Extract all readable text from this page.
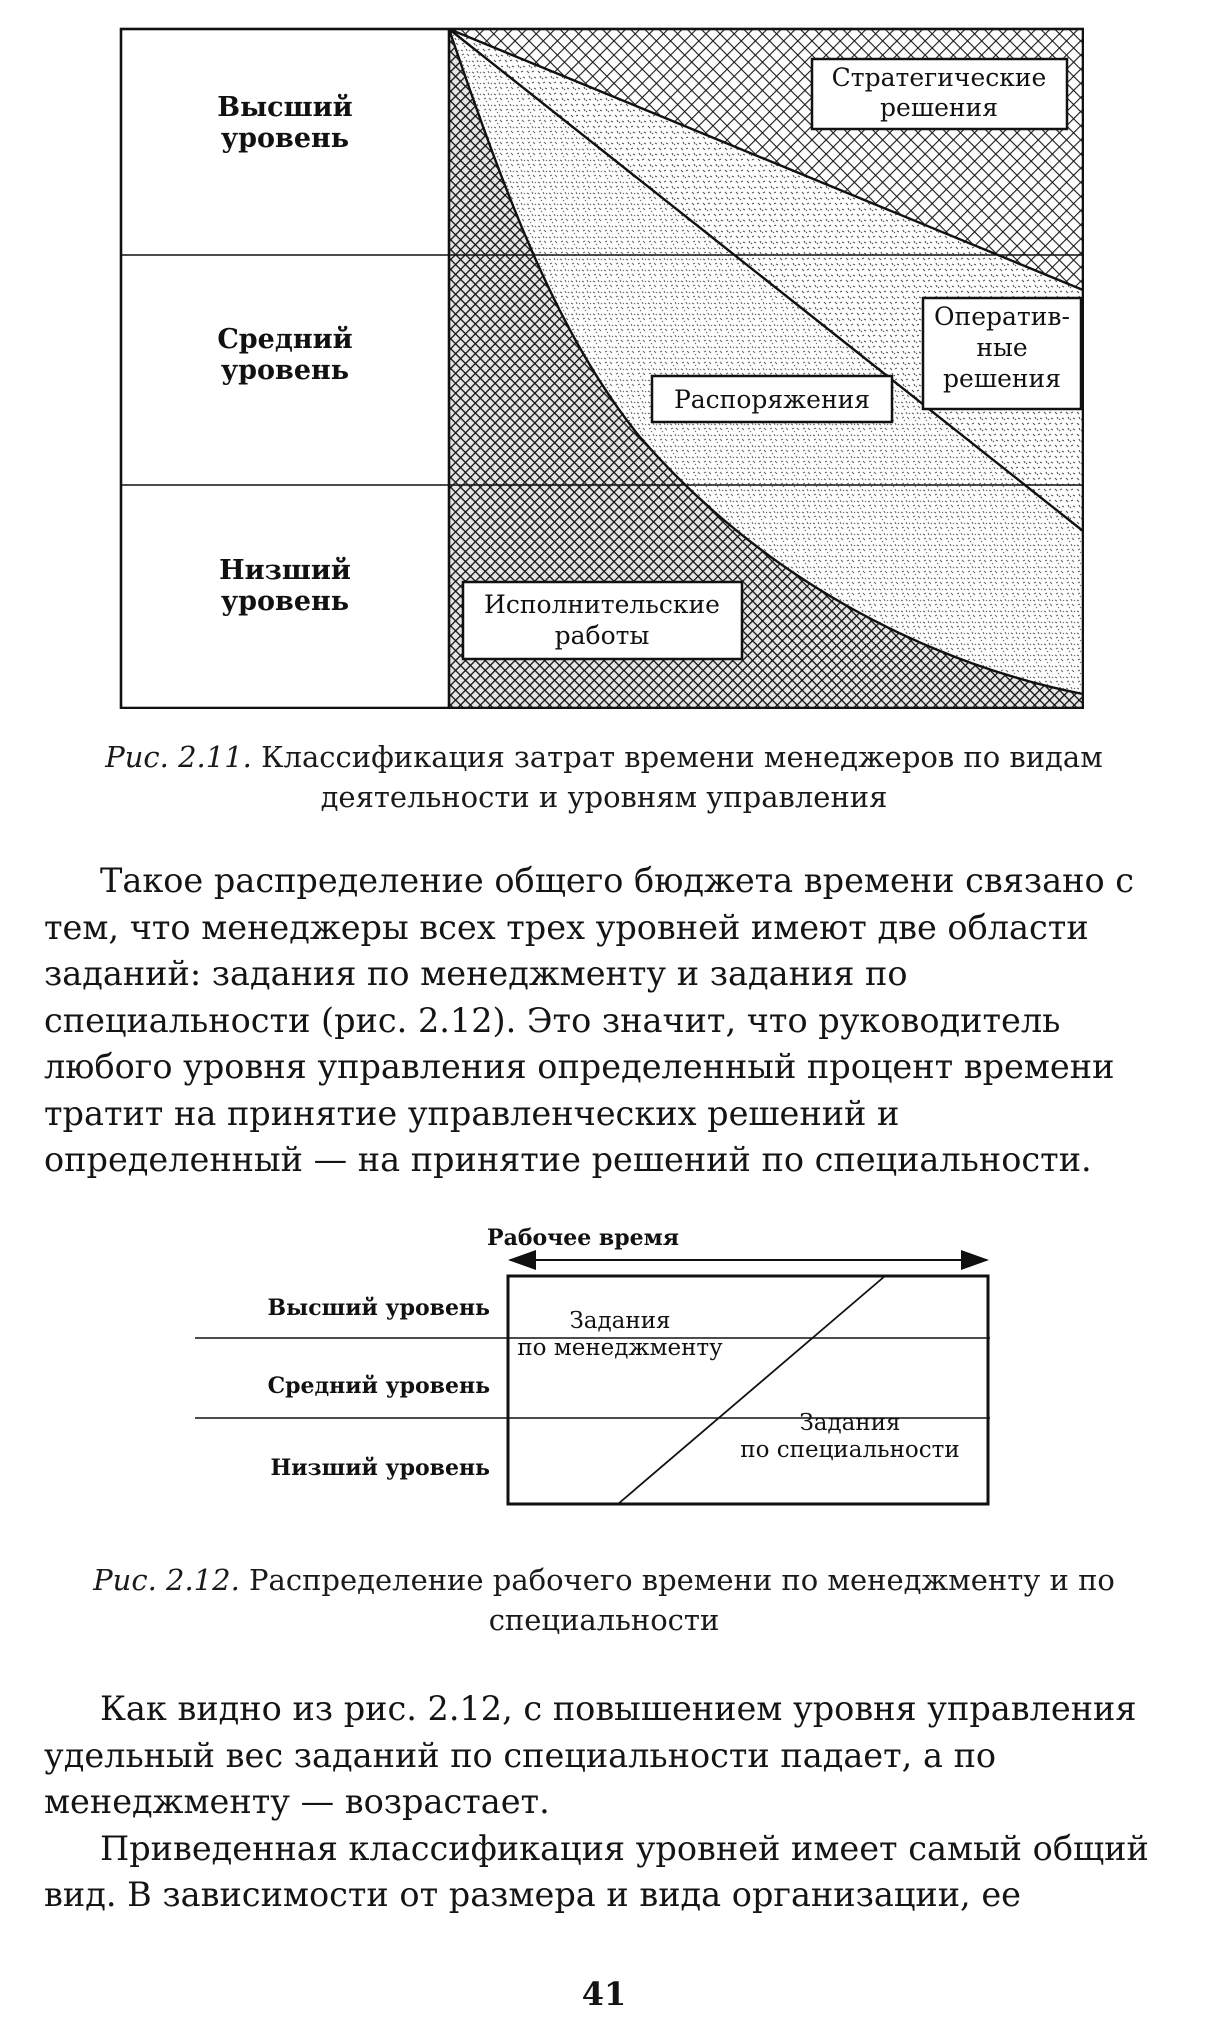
Высший уровень
Средний уровень
Низший уровень
Стратегические решения
Оператив-ные решения
Распоряжения
Исполнительские работы
Рис. 2.11. Классификация затрат времени менеджеров по видам деятельности и уровням управления

Такое распределение общего бюджета времени связано с тем, что менеджеры всех трех уровней имеют две области заданий: задания по менеджменту и задания по специальности (рис. 2.12). Это значит, что руководитель любого уровня управления определенный процент времени тратит на принятие управленческих решений и определенный — на принятие решений по специальности.

Рабочее время
Высший уровень
Средний уровень
Низший уровень
Задания по менеджменту
Задания по специальности
Рис. 2.12. Распределение рабочего времени по менеджменту и по специальности

Как видно из рис. 2.12, с повышением уровня управления удельный вес заданий по специальности падает, а по менеджменту — возрастает.

Приведенная классификация уровней имеет самый общий вид. В зависимости от размера и вида организации, ее

41
